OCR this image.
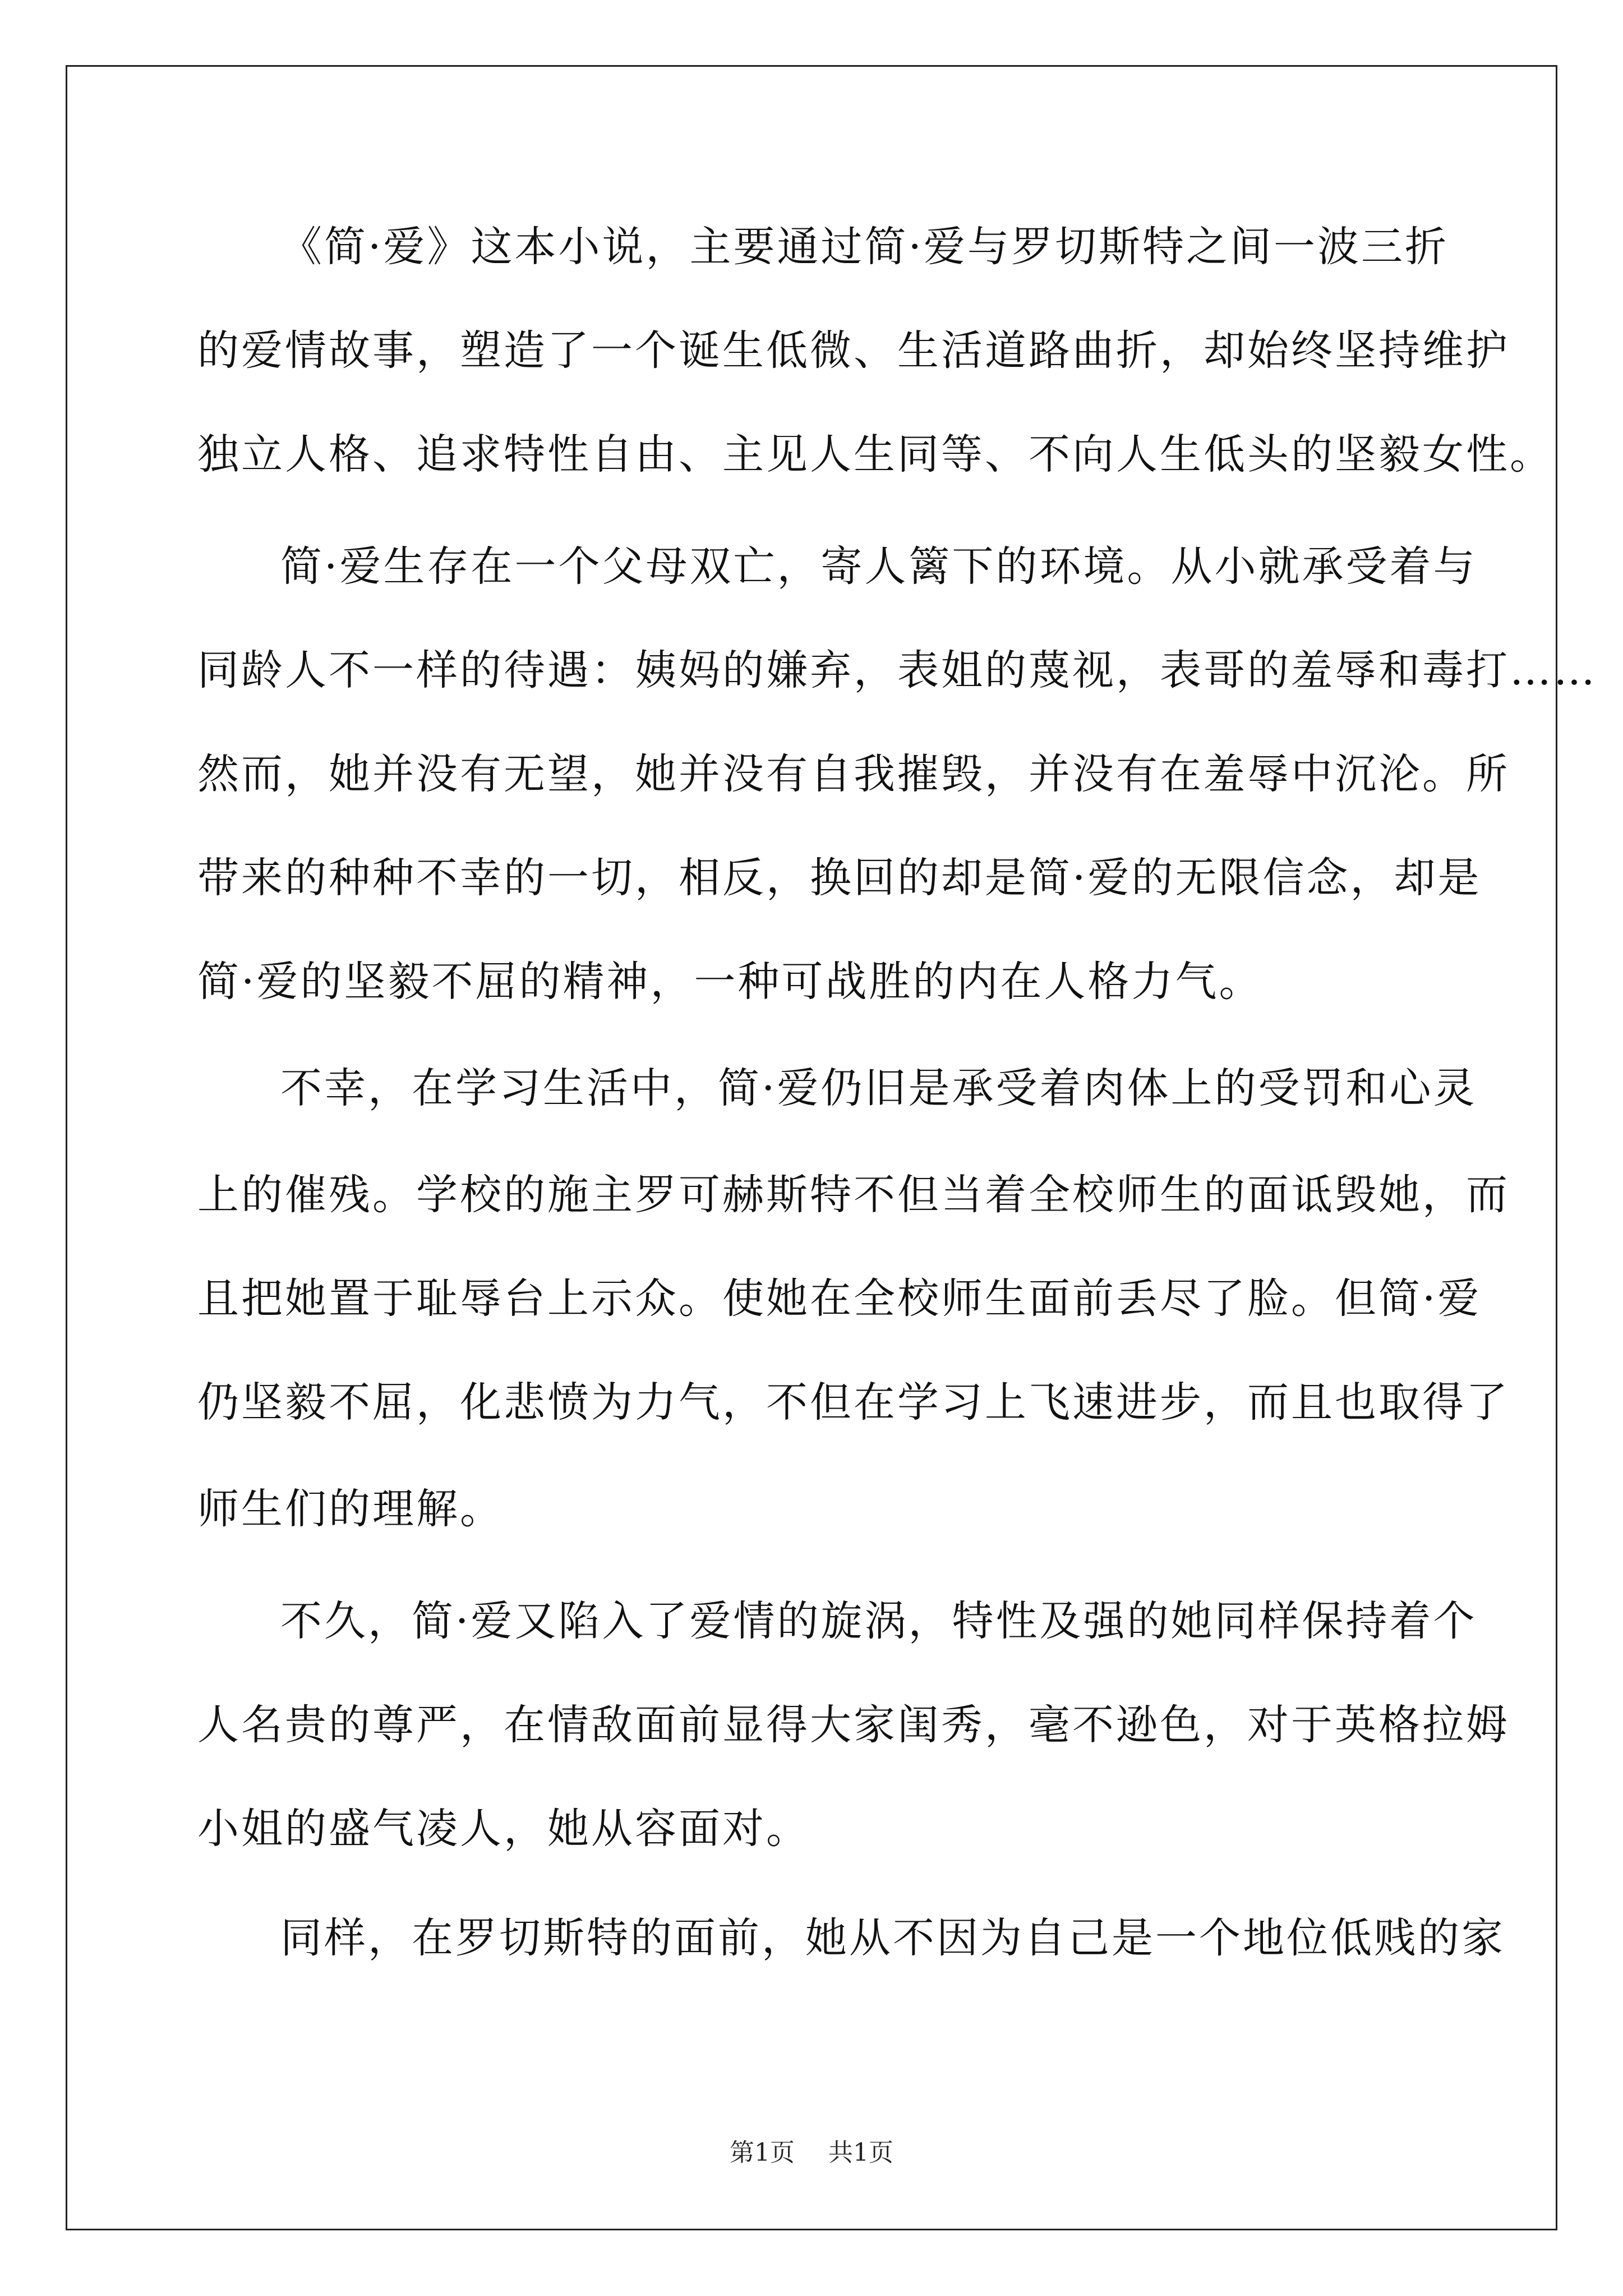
《简·爱》这本小说，主要通过简·爱与罗切斯特之间一波三折
的爱情故事，塑造了一个诞生低微、生活道路曲折，却始终坚持维护
独立人格、追求特性自由、主见人生同等、不向人生低头的坚毅女性。
简·爱生存在一个父母双亡，寄人篱下的环境。从小就承受着与
同龄人不一样的待遇：姨妈的嫌弃，表姐的蔑视，表哥的羞辱和毒打……
然而，她并没有无望，她并没有自我摧毁，并没有在羞辱中沉沦。所
带来的种种不幸的一切，相反，换回的却是简·爱的无限信念，却是
简·爱的坚毅不屈的精神，一种可战胜的内在人格力气。
不幸，在学习生活中，简·爱仍旧是承受着肉体上的受罚和心灵
上的催残。学校的施主罗可赫斯特不但当着全校师生的面诋毁她，而
且把她置于耻辱台上示众。使她在全校师生面前丢尽了脸。但简·爱
仍坚毅不屈，化悲愤为力气，不但在学习上飞速进步，而且也取得了
师生们的理解。
不久，简·爱又陷入了爱情的旋涡，特性及强的她同样保持着个
人名贵的尊严，在情敌面前显得大家闺秀，毫不逊色，对于英格拉姆
小姐的盛气凌人，她从容面对。
同样，在罗切斯特的面前，她从不因为自己是一个地位低贱的家
第1页 共1页
